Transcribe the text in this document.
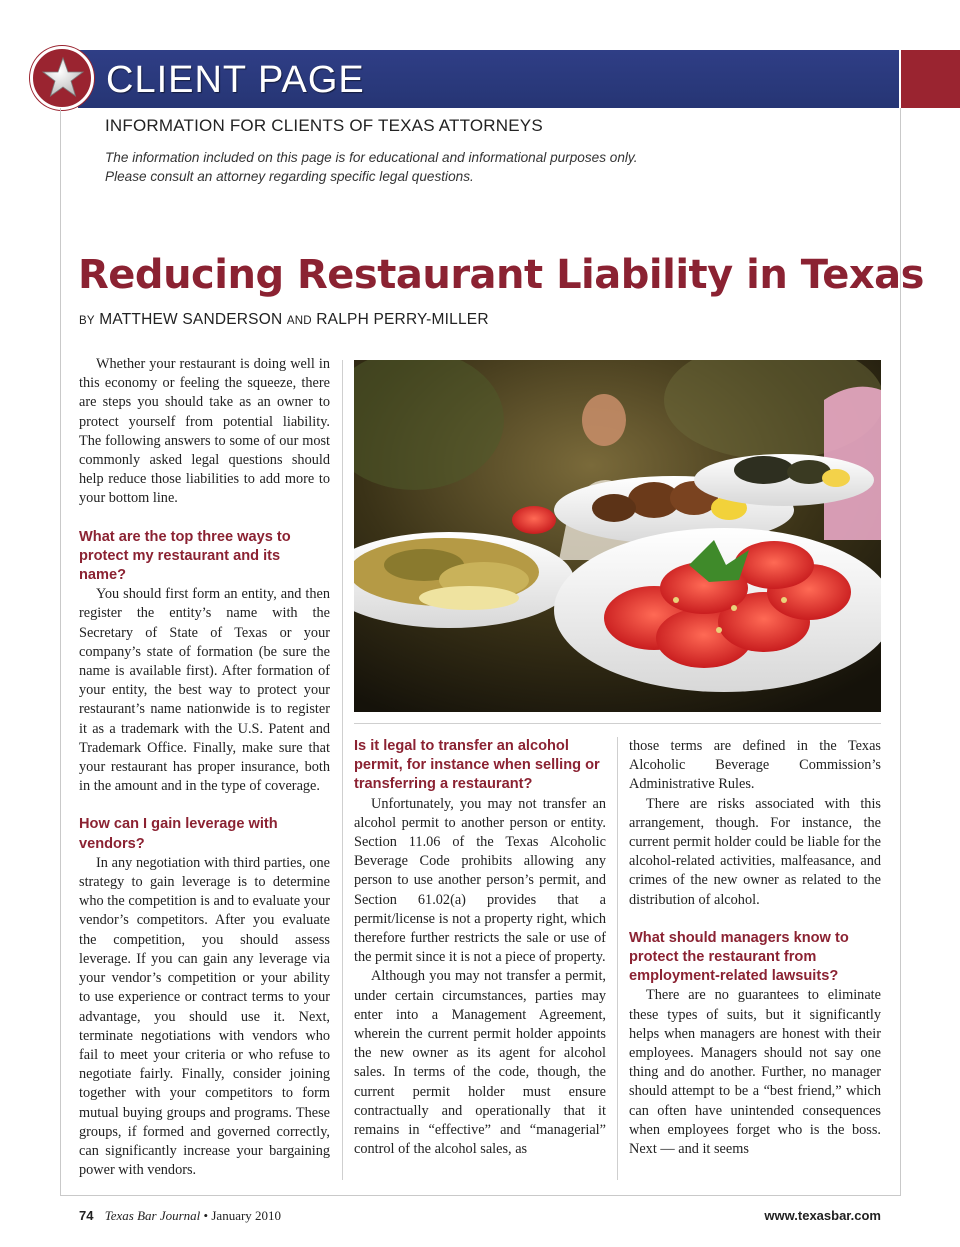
CLIENT PAGE
INFORMATION FOR CLIENTS OF TEXAS ATTORNEYS
The information included on this page is for educational and informational purposes only.
Please consult an attorney regarding specific legal questions.
Reducing Restaurant Liability in Texas
BY MATTHEW SANDERSON AND RALPH PERRY-MILLER

Whether your restaurant is doing well in this economy or feeling the squeeze, there are steps you should take as an owner to protect yourself from potential liability. The following answers to some of our most commonly asked legal questions should help reduce those liabilities to add more to your bottom line.

What are the top three ways to protect my restaurant and its name?

You should first form an entity, and then register the entity’s name with the Secretary of State of Texas or your company’s state of formation (be sure the name is available first). After formation of your entity, the best way to protect your restaurant’s name nationwide is to register it as a trademark with the U.S. Patent and Trademark Office. Finally, make sure that your restaurant has proper insurance, both in the amount and in the type of coverage.

How can I gain leverage with vendors?

In any negotiation with third parties, one strategy to gain leverage is to determine who the competition is and to evaluate your vendor’s competitors. After you evaluate the competition, you should assess leverage. If you can gain any leverage via your vendor’s competition or your ability to use experience or contract terms to your advantage, you should use it. Next, terminate negotiations with vendors who fail to meet your criteria or who refuse to negotiate fairly. Finally, consider joining together with your competitors to form mutual buying groups and programs. These groups, if formed and governed correctly, can significantly increase your bargaining power with vendors.

Is it legal to transfer an alcohol permit, for instance when selling or transferring a restaurant?

Unfortunately, you may not transfer an alcohol permit to another person or entity. Section 11.06 of the Texas Alcoholic Beverage Code prohibits allowing any person to use another person’s permit, and Section 61.02(a) provides that a permit/license is not a property right, which therefore further restricts the sale or use of the permit since it is not a piece of property.

Although you may not transfer a permit, under certain circumstances, parties may enter into a Management Agreement, wherein the current permit holder appoints the new owner as its agent for alcohol sales. In terms of the code, though, the current permit holder must ensure contractually and operationally that it remains in “effective” and “managerial” control of the alcohol sales, as

those terms are defined in the Texas Alcoholic Beverage Commission’s Administrative Rules.

There are risks associated with this arrangement, though. For instance, the current permit holder could be liable for the alcohol-related activities, malfeasance, and crimes of the new owner as related to the distribution of alcohol.

What should managers know to protect the restaurant from employment-related lawsuits?

There are no guarantees to eliminate these types of suits, but it significantly helps when managers are honest with their employees. Managers should not say one thing and do another. Further, no manager should attempt to be a “best friend,” which can often have unintended consequences when employees forget who is the boss. Next — and it seems

74 Texas Bar Journal • January 2010	www.texasbar.com
